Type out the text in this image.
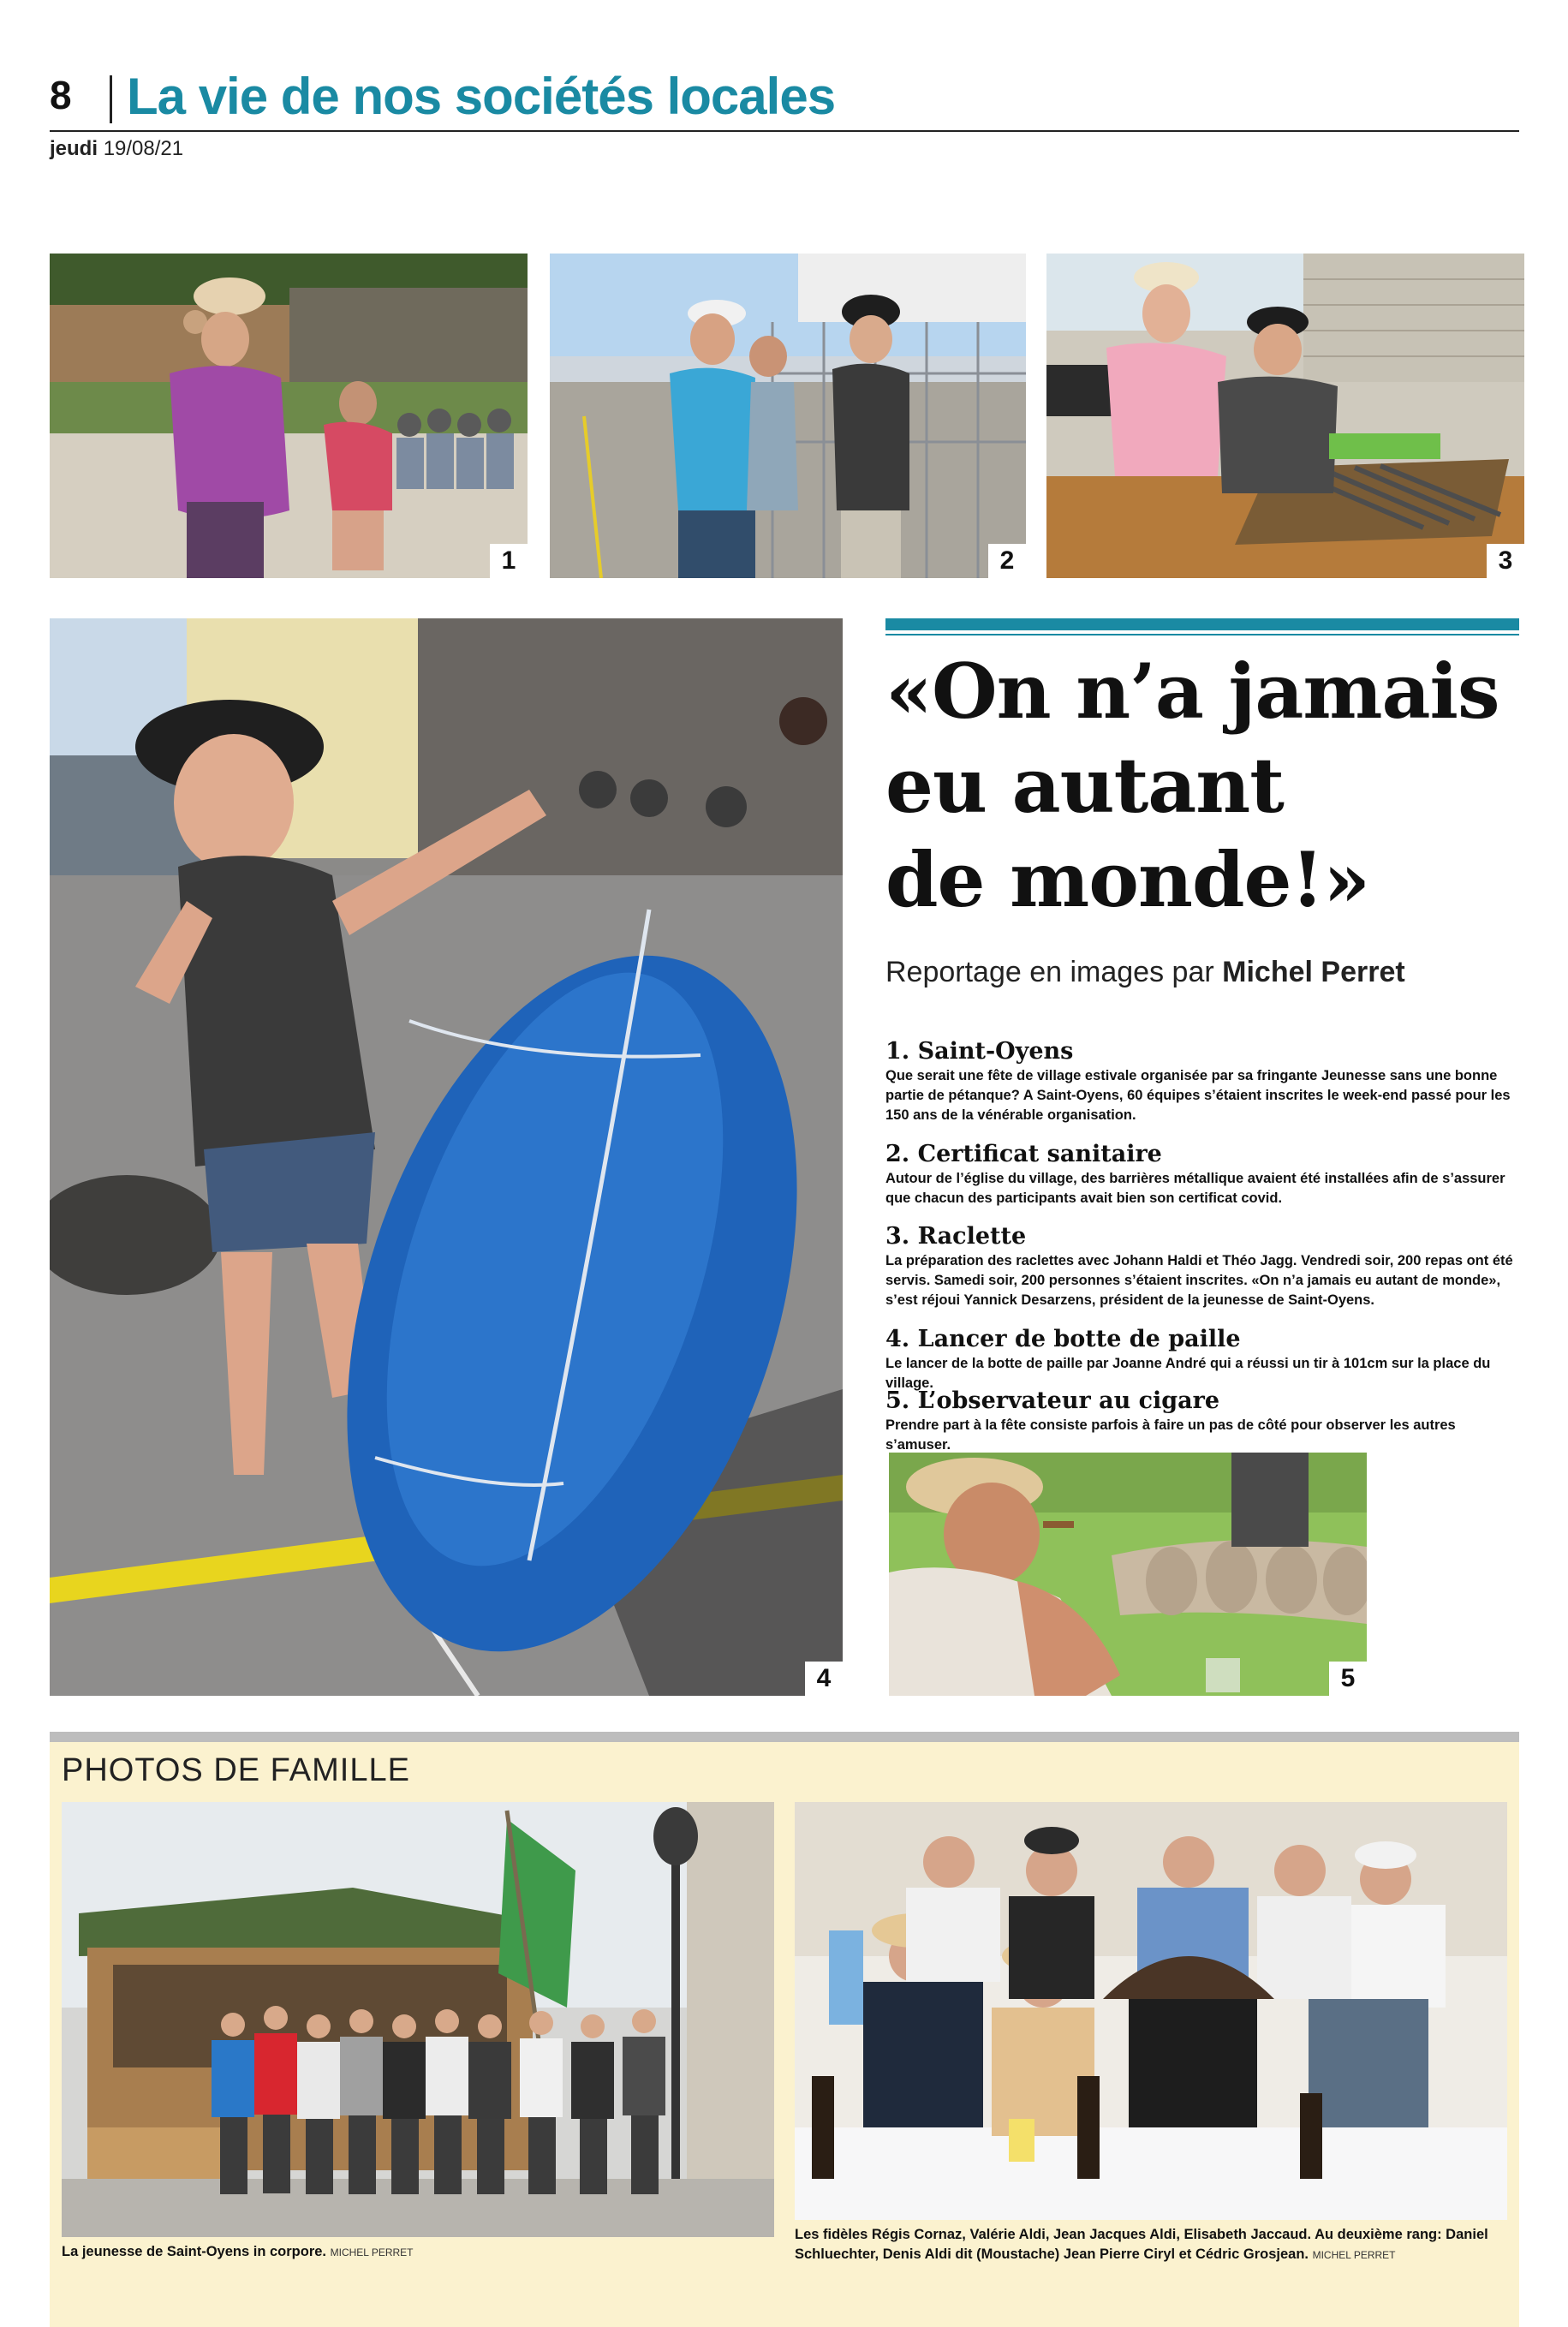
8 La vie de nos sociétés locales
jeudi 19/08/21
1	2	3
4
«On n’a jamais
eu autant
de monde!»
Reportage en images par Michel Perret
1. Saint-Oyens
Que serait une fête de village estivale organisée par sa fringante Jeunesse sans une bonne partie de pétanque? A Saint-Oyens, 60 équipes s’étaient inscrites le week-end passé pour les 150 ans de la vénérable organisation.
2. Certificat sanitaire
Autour de l’église du village, des barrières métallique avaient été installées afin de s’assurer que chacun des participants avait bien son certificat covid.
3. Raclette
La préparation des raclettes avec Johann Haldi et Théo Jagg. Vendredi soir, 200 repas ont été servis. Samedi soir, 200 personnes s’étaient inscrites. «On n’a jamais eu autant de monde», s’est réjoui Yannick Desarzens, président de la jeunesse de Saint-Oyens.
4. Lancer de botte de paille
Le lancer de la botte de paille par Joanne André qui a réussi un tir à 101cm sur la place du village.
5. L’observateur au cigare
Prendre part à la fête consiste parfois à faire un pas de côté pour observer les autres s’amuser.
5
PHOTOS DE FAMILLE
La jeunesse de Saint-Oyens in corpore. MICHEL PERRET
Les fidèles Régis Cornaz, Valérie Aldi, Jean Jacques Aldi, Elisabeth Jaccaud. Au deuxième rang: Daniel Schluechter, Denis Aldi dit (Moustache) Jean Pierre Ciryl et Cédric Grosjean. MICHEL PERRET
